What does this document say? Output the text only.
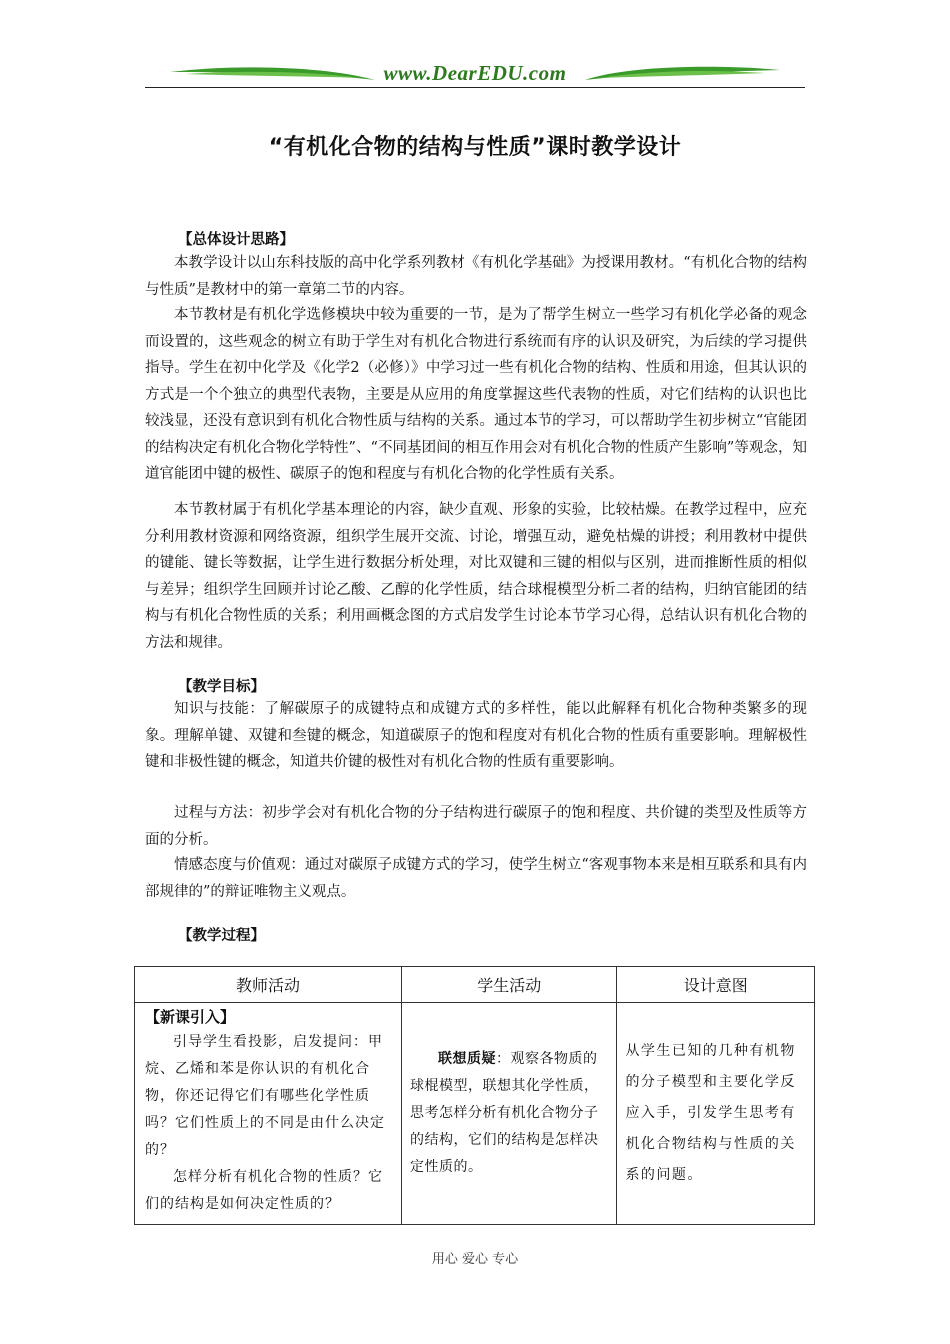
www.DearEDU.com
“有机化合物的结构与性质”课时教学设计
【总体设计思路】

本教学设计以山东科技版的高中化学系列教材《有机化学基础》为授课用教材。“有机化合物的结构与性质”是教材中的第一章第二节的内容。

本节教材是有机化学选修模块中较为重要的一节，是为了帮学生树立一些学习有机化学必备的观念而设置的，这些观念的树立有助于学生对有机化合物进行系统而有序的认识及研究，为后续的学习提供指导。学生在初中化学及《化学2（必修）》中学习过一些有机化合物的结构、性质和用途，但其认识的方式是一个个独立的典型代表物，主要是从应用的角度掌握这些代表物的性质，对它们结构的认识也比较浅显，还没有意识到有机化合物性质与结构的关系。通过本节的学习，可以帮助学生初步树立“官能团的结构决定有机化合物化学特性”、“不同基团间的相互作用会对有机化合物的性质产生影响”等观念，知道官能团中键的极性、碳原子的饱和程度与有机化合物的化学性质有关系。

本节教材属于有机化学基本理论的内容，缺少直观、形象的实验，比较枯燥。在教学过程中，应充分利用教材资源和网络资源，组织学生展开交流、讨论，增强互动，避免枯燥的讲授；利用教材中提供的键能、键长等数据，让学生进行数据分析处理，对比双键和三键的相似与区别，进而推断性质的相似与差异；组织学生回顾并讨论乙酸、乙醇的化学性质，结合球棍模型分析二者的结构，归纳官能团的结构与有机化合物性质的关系；利用画概念图的方式启发学生讨论本节学习心得，总结认识有机化合物的方法和规律。

【教学目标】

知识与技能：了解碳原子的成键特点和成键方式的多样性，能以此解释有机化合物种类繁多的现象。理解单键、双键和叁键的概念，知道碳原子的饱和程度对有机化合物的性质有重要影响。理解极性键和非极性键的概念，知道共价键的极性对有机化合物的性质有重要影响。

过程与方法：初步学会对有机化合物的分子结构进行碳原子的饱和程度、共价键的类型及性质等方面的分析。

情感态度与价值观：通过对碳原子成键方式的学习，使学生树立“客观事物本来是相互联系和具有内部规律的”的辩证唯物主义观点。

【教学过程】
教师活动	学生活动	设计意图

【新课引入】

引导学生看投影，启发提问：甲烷、乙烯和苯是你认识的有机化合物，你还记得它们有哪些化学性质吗？它们性质上的不同是由什么决定的？

怎样分析有机化合物的性质？它们的结构是如何决定性质的？	联想质疑：观察各物质的球棍模型，联想其化学性质，思考怎样分析有机化合物分子的结构，它们的结构是怎样决定性质的。	从学生已知的几种有机物的分子模型和主要化学反应入手，引发学生思考有机化合物结构与性质的关系的问题。

用心 爱心 专心
